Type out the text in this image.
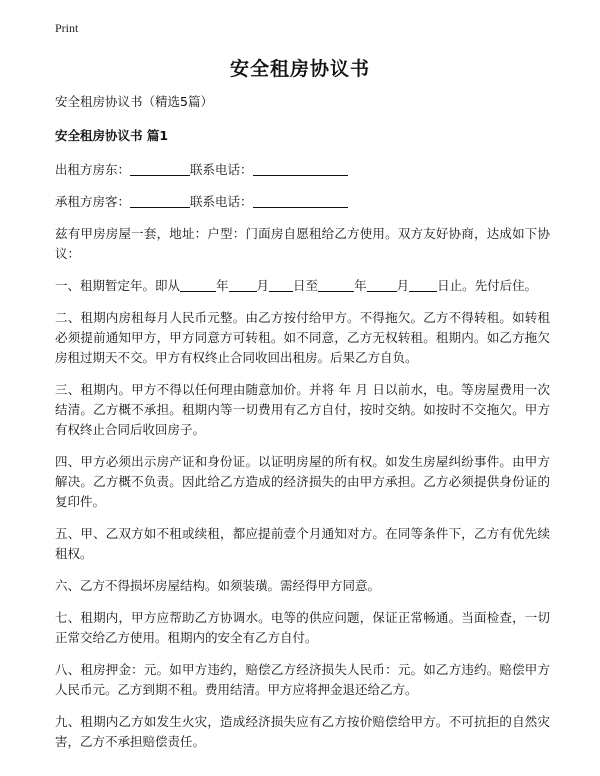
Print
安全租房协议书

安全租房协议书（精选5篇）

安全租房协议书 篇1

出租方房东：	联系电话：

承租方房客：	联系电话：

兹有甲房房屋一套，地址：户型：门面房自愿租给乙方使用。双方友好协商，达成如下协议：

一、租期暂定年。即从	年 月 日至	年 月 日止。先付后住。

二、租期内房租每月人民币元整。由乙方按付给甲方。不得拖欠。乙方不得转租。如转租必须提前通知甲方，甲方同意方可转租。如不同意，乙方无权转租。租期内。如乙方拖欠房租过期天不交。甲方有权终止合同收回出租房。后果乙方自负。

三、租期内。甲方不得以任何理由随意加价。并将 年 月 日以前水，电。等房屋费用一次结清。乙方概不承担。租期内等一切费用有乙方自付，按时交纳。如按时不交拖欠。甲方有权终止合同后收回房子。

四、甲方必须出示房产证和身份证。以证明房屋的所有权。如发生房屋纠纷事件。由甲方解决。乙方概不负责。因此给乙方造成的经济损失的由甲方承担。乙方必须提供身份证的复印件。

五、甲、乙双方如不租或续租，都应提前壹个月通知对方。在同等条件下，乙方有优先续租权。

六、乙方不得损坏房屋结构。如须装璜。需经得甲方同意。

七、租期内，甲方应帮助乙方协调水。电等的供应问题，保证正常畅通。当面检查，一切正常交给乙方使用。租期内的安全有乙方自付。

八、租房押金：元。如甲方违约，赔偿乙方经济损失人民币：元。如乙方违约。赔偿甲方人民币元。乙方到期不租。费用结清。甲方应将押金退还给乙方。

九、租期内乙方如发生火灾，造成经济损失应有乙方按价赔偿给甲方。不可抗拒的自然灾害，乙方不承担赔偿责任。
